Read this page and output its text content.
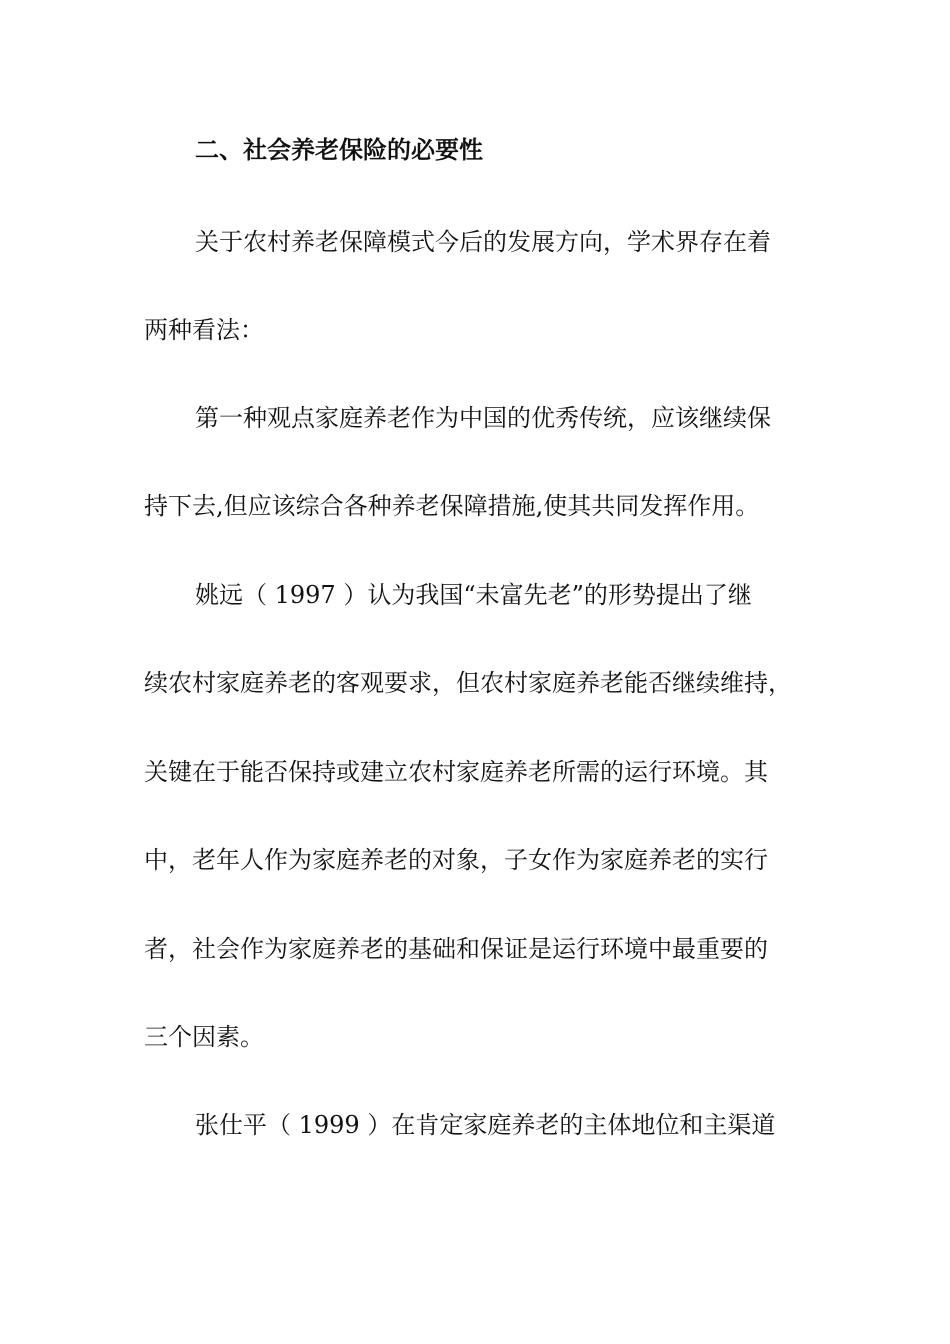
二、社会养老保险的必要性
关于农村养老保障模式今后的发展方向，学术界存在着
两种看法：
第一种观点家庭养老作为中国的优秀传统，应该继续保
持下去,但应该综合各种养老保障措施,使其共同发挥作用。
姚远（ 1997 ）认为我国“未富先老”的形势提出了继
续农村家庭养老的客观要求，但农村家庭养老能否继续维持，
关键在于能否保持或建立农村家庭养老所需的运行环境。其
中，老年人作为家庭养老的对象，子女作为家庭养老的实行
者，社会作为家庭养老的基础和保证是运行环境中最重要的
三个因素。
张仕平（ 1999 ）在肯定家庭养老的主体地位和主渠道
